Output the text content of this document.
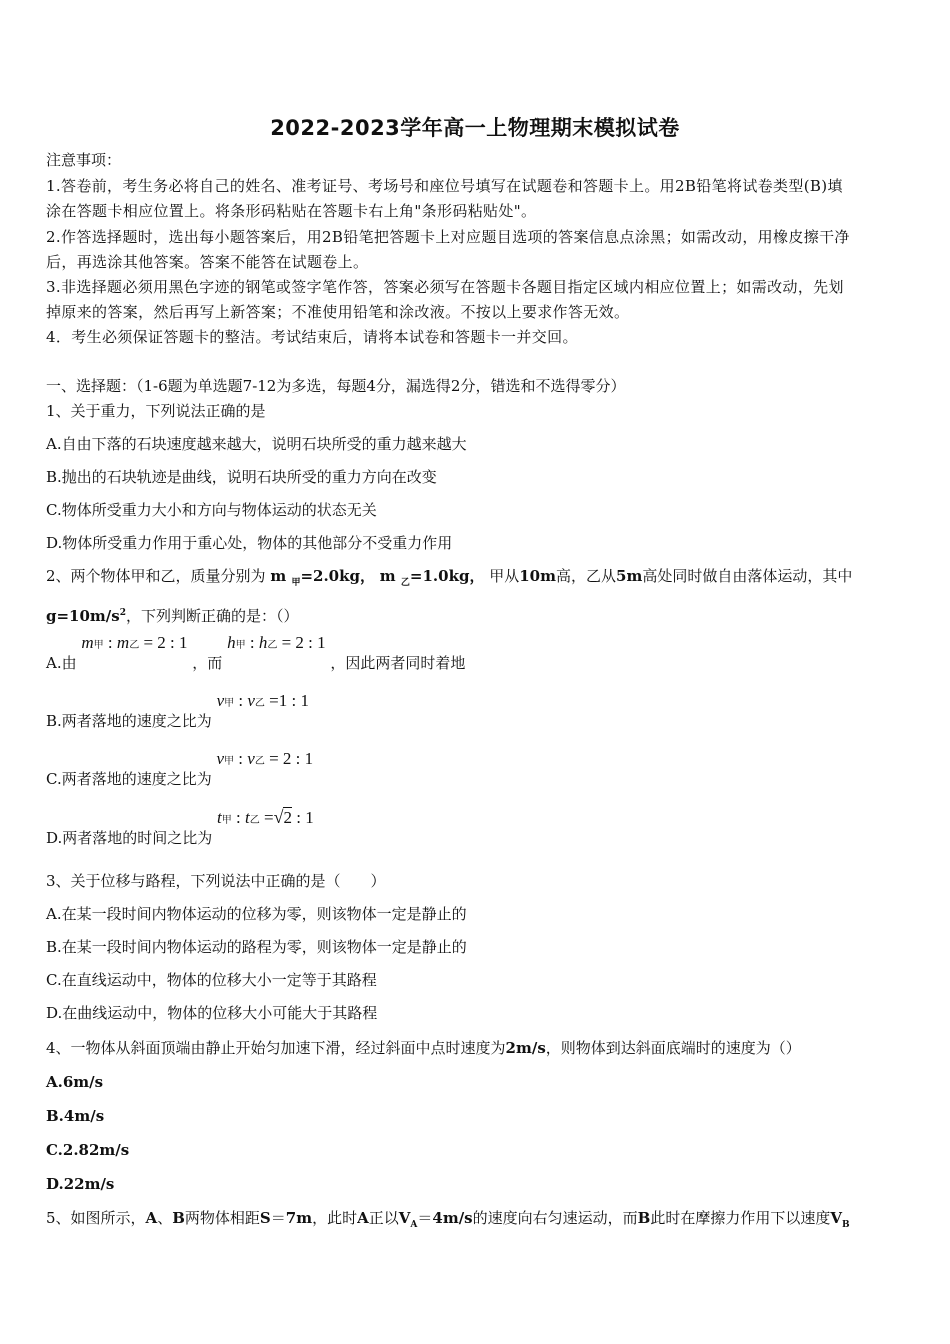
2022-2023学年高一上物理期末模拟试卷
注意事项：
1.答卷前，考生务必将自己的姓名、准考证号、考场号和座位号填写在试题卷和答题卡上。用2B铅笔将试卷类型(B)填
涂在答题卡相应位置上。将条形码粘贴在答题卡右上角"条形码粘贴处"。
2.作答选择题时，选出每小题答案后，用2B铅笔把答题卡上对应题目选项的答案信息点涂黑；如需改动，用橡皮擦干净
后，再选涂其他答案。答案不能答在试题卷上。
3.非选择题必须用黑色字迹的钢笔或签字笔作答，答案必须写在答题卡各题目指定区域内相应位置上；如需改动，先划
掉原来的答案，然后再写上新答案；不准使用铅笔和涂改液。不按以上要求作答无效。
4．考生必须保证答题卡的整洁。考试结束后，请将本试卷和答题卡一并交回。
一、选择题：（1-6题为单选题7-12为多选，每题4分，漏选得2分，错选和不选得零分）
1、关于重力，下列说法正确的是
A.自由下落的石块速度越来越大，说明石块所受的重力越来越大
B.抛出的石块轨迹是曲线，说明石块所受的重力方向在改变
C.物体所受重力大小和方向与物体运动的状态无关
D.物体所受重力作用于重心处，物体的其他部分不受重力作用
2、两个物体甲和乙，质量分别为 m $_甲$=2.0kg， m $_乙$=1.0kg， 甲从10m高，乙从5m高处同时做自由落体运动，其中
$g=10m/s^2$，下列判断正确的是：（）
A.由 m甲 : m乙 = 2 : 1 ，而 h甲 : h乙 = 2 : 1 ，因此两者同时着地
B.两者落地的速度之比为 v甲 : v乙 =1 : 1
C.两者落地的速度之比为 v甲 : v乙 = 2 : 1
D.两者落地的时间之比为 t甲 : t乙 =√2 : 1
3、关于位移与路程，下列说法中正确的是（　　）
A.在某一段时间内物体运动的位移为零，则该物体一定是静止的
B.在某一段时间内物体运动的路程为零，则该物体一定是静止的
C.在直线运动中，物体的位移大小一定等于其路程
D.在曲线运动中，物体的位移大小可能大于其路程
4、一物体从斜面顶端由静止开始匀加速下滑，经过斜面中点时速度为2m/s，则物体到达斜面底端时的速度为（）
A.6m/s
B.4m/s
C.2.82m/s
D.22m/s
5、如图所示，A、B两物体相距S＝7m，此时A正以$V_A=4m/s$的速度向右匀速运动，而B此时在摩擦力作用下以速度$V_B$
